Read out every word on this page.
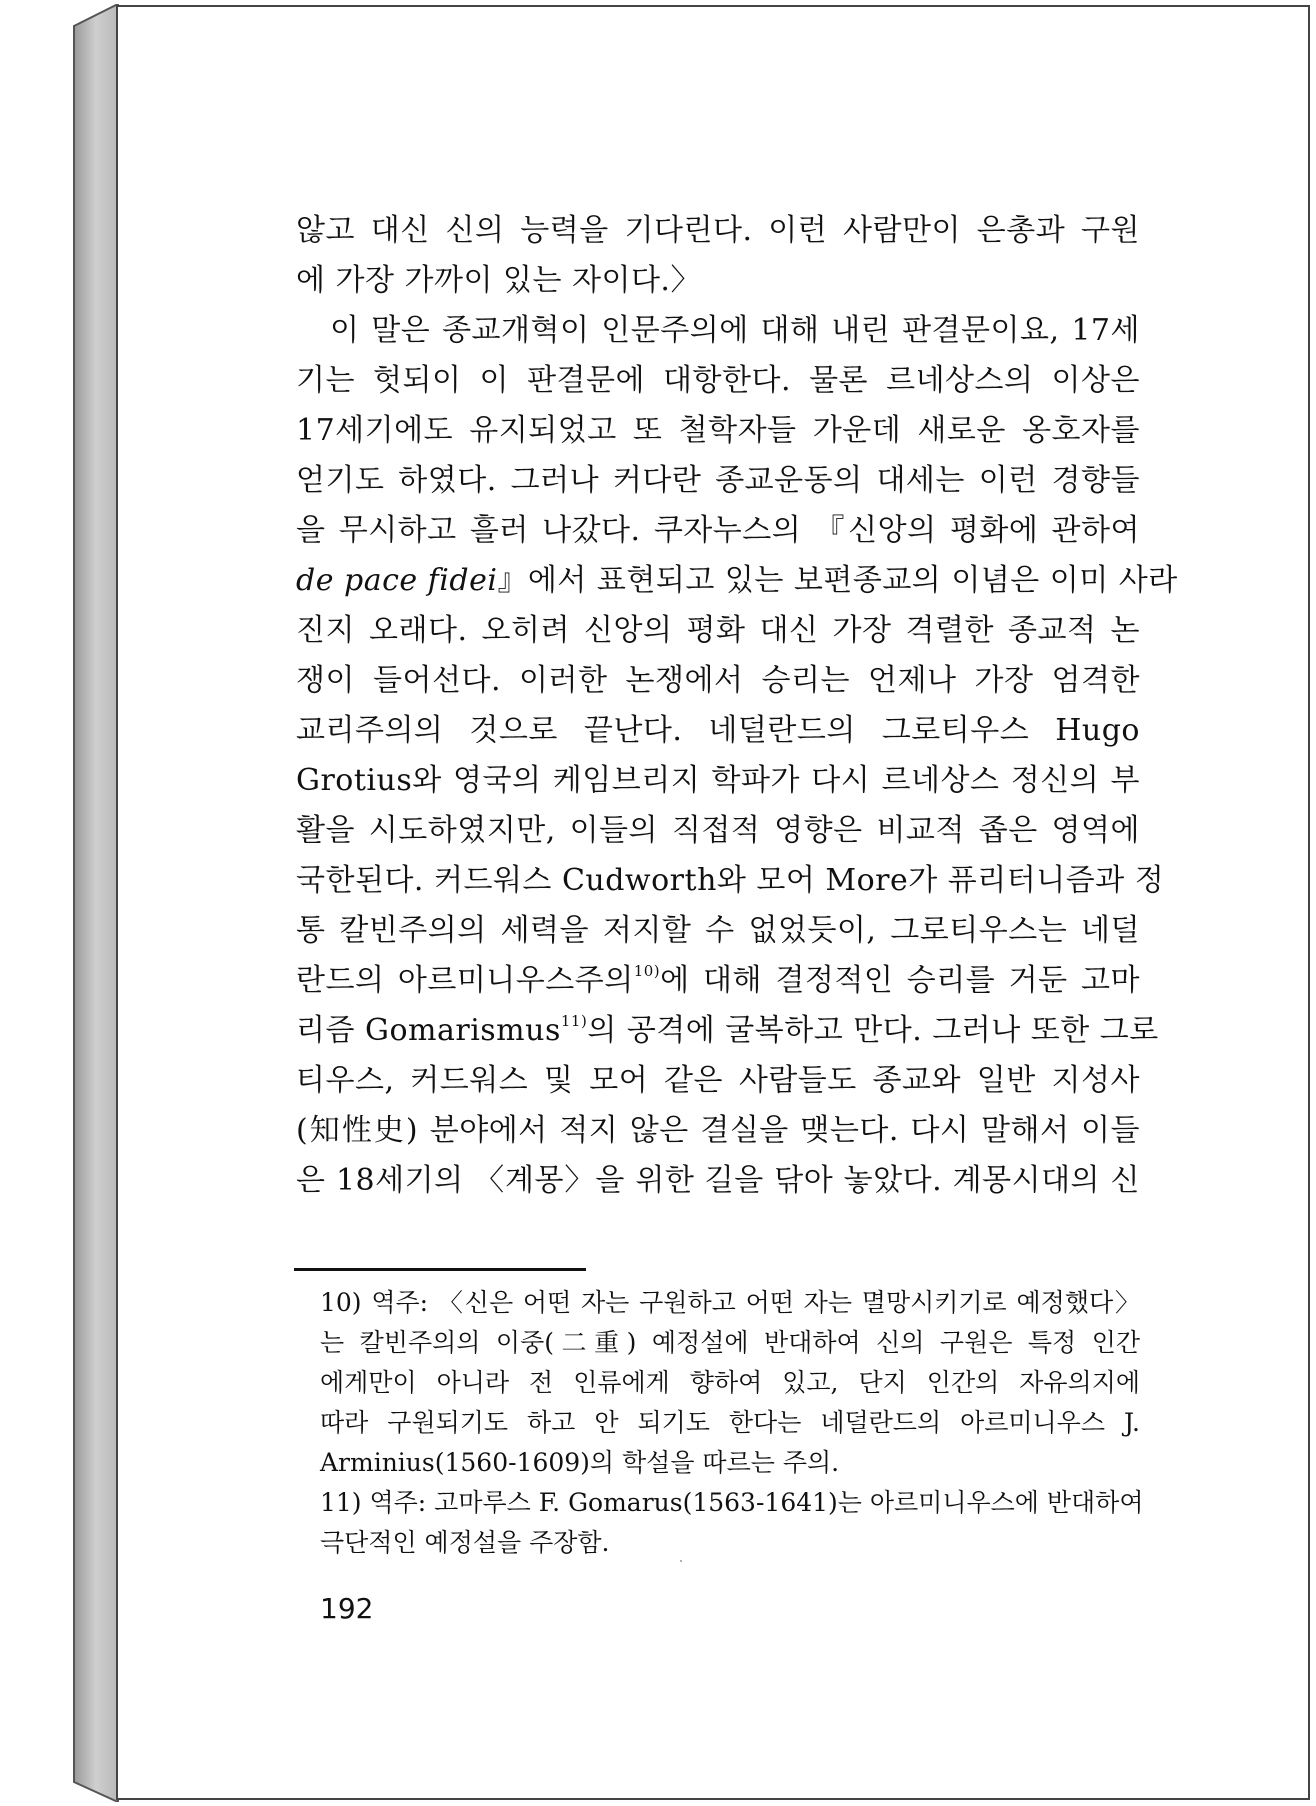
않고 대신 신의 능력을 기다린다. 이런 사람만이 은총과 구원
에 가장 가까이 있는 자이다.〉
이 말은 종교개혁이 인문주의에 대해 내린 판결문이요, 17세
기는 헛되이 이 판결문에 대항한다. 물론 르네상스의 이상은
17세기에도 유지되었고 또 철학자들 가운데 새로운 옹호자를
얻기도 하였다. 그러나 커다란 종교운동의 대세는 이런 경향들
을 무시하고 흘러 나갔다. 쿠자누스의 『신앙의 평화에 관하여
de pace fidei』에서 표현되고 있는 보편종교의 이념은 이미 사라
진지 오래다. 오히려 신앙의 평화 대신 가장 격렬한 종교적 논
쟁이 들어선다. 이러한 논쟁에서 승리는 언제나 가장 엄격한
교리주의의 것으로 끝난다. 네덜란드의 그로티우스 Hugo
Grotius와 영국의 케임브리지 학파가 다시 르네상스 정신의 부
활을 시도하였지만, 이들의 직접적 영향은 비교적 좁은 영역에
국한된다. 커드워스 Cudworth와 모어 More가 퓨리터니즘과 정
통 칼빈주의의 세력을 저지할 수 없었듯이, 그로티우스는 네덜
란드의 아르미니우스주의$^{10)}$에 대해 결정적인 승리를 거둔 고마
리즘 Gomarismus$^{11)}$의 공격에 굴복하고 만다. 그러나 또한 그로
티우스, 커드워스 및 모어 같은 사람들도 종교와 일반 지성사
(知性史) 분야에서 적지 않은 결실을 맺는다. 다시 말해서 이들
은 18세기의 〈계몽〉을 위한 길을 닦아 놓았다. 계몽시대의 신
10) 역주: 〈신은 어떤 자는 구원하고 어떤 자는 멸망시키기로 예정했다〉
는 칼빈주의의 이중(二重) 예정설에 반대하여 신의 구원은 특정 인간
에게만이 아니라 전 인류에게 향하여 있고, 단지 인간의 자유의지에
따라 구원되기도 하고 안 되기도 한다는 네덜란드의 아르미니우스 J.
Arminius(1560-1609)의 학설을 따르는 주의.
11) 역주: 고마루스 F. Gomarus(1563-1641)는 아르미니우스에 반대하여
극단적인 예정설을 주장함.
192
